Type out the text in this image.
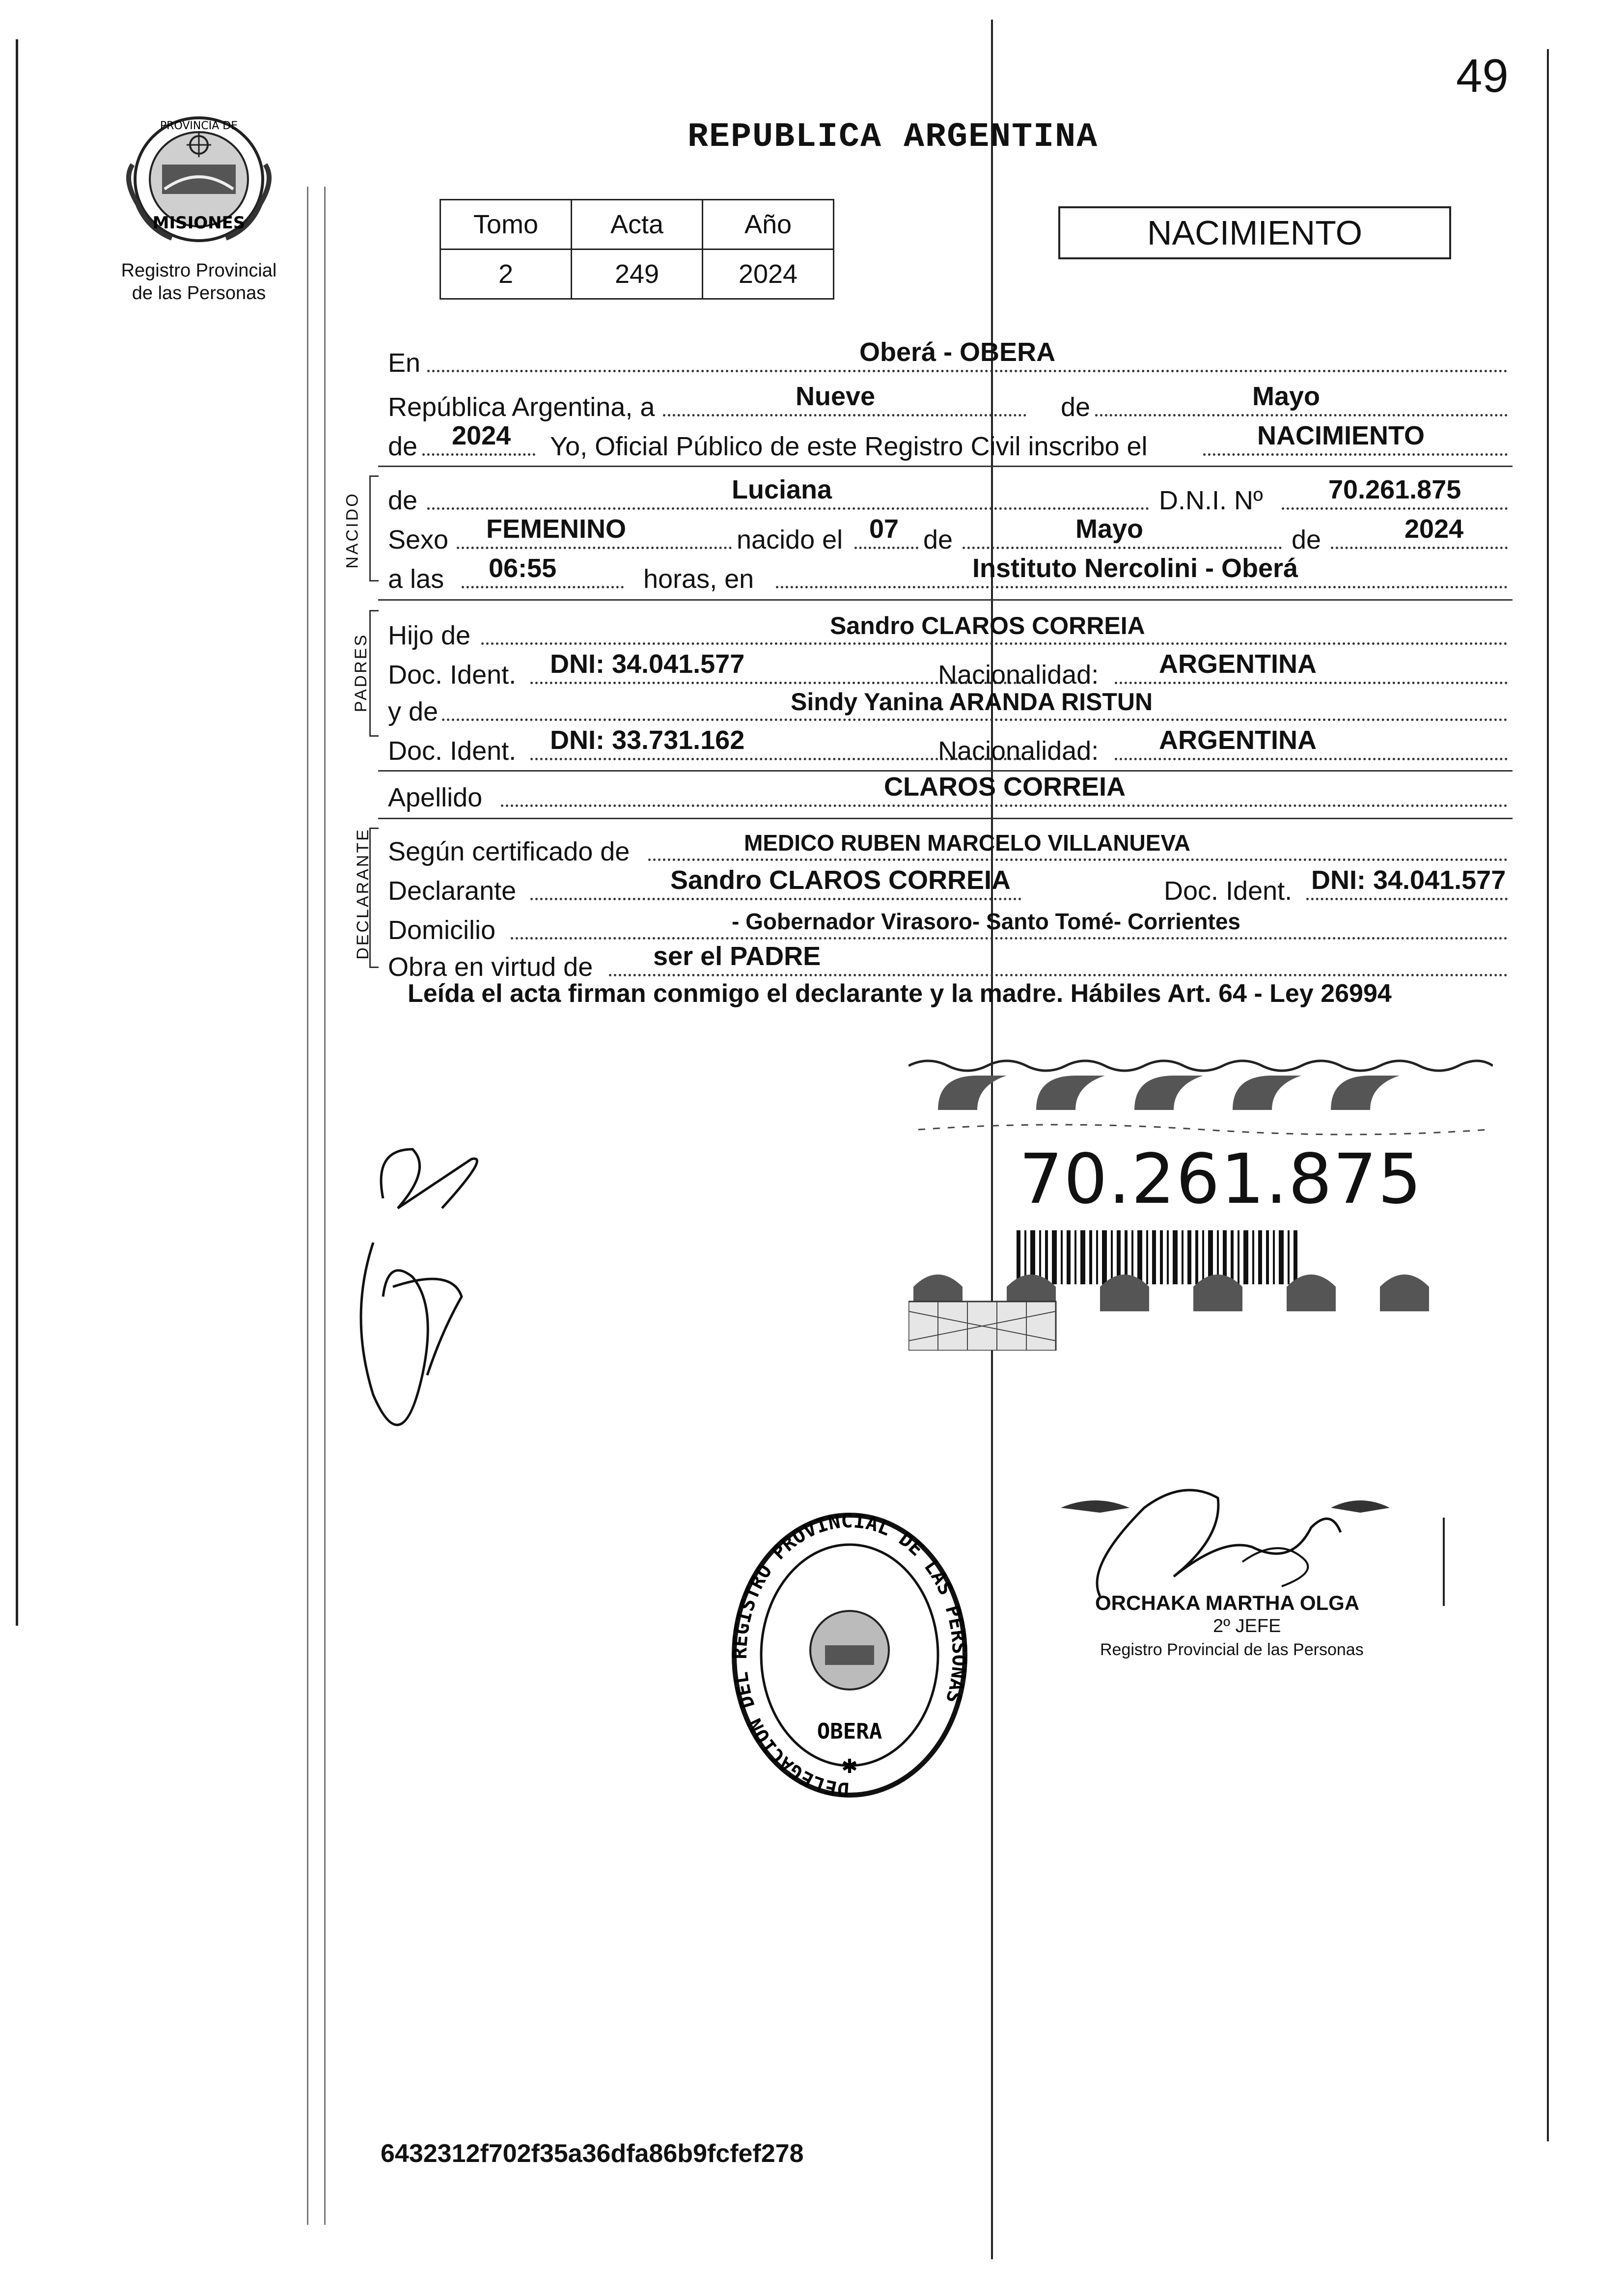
PROVINCIA DE
MISIONES
Registro Provincial
de las Personas
49
REPUBLICA ARGENTINA
Tomo	Acta	Año
2	249	2024
NACIMIENTO
En	Oberá - OBERA
República Argentina, a	Nueve	de	Mayo
de 2024 Yo, Oficial Público de este Registro Civil inscribo el	NACIMIENTO
NACIDO de	Luciana	D.N.I. Nº 70.261.875
Sexo FEMENINO	nacido el 07 de	Mayo	de	2024
a las 06:55	horas, en	Instituto Nercolini - Oberá
PADRES Hijo de	Sandro CLAROS CORREIA
Doc. Ident. DNI: 34.041.577	Nacionalidad: ARGENTINA
y de	Sindy Yanina ARANDA RISTUN
Doc. Ident. DNI: 33.731.162	Nacionalidad: ARGENTINA
Apellido	CLAROS CORREIA
DECLARANTE Según certificado de	MEDICO RUBEN MARCELO VILLANUEVA
Declarante	Sandro CLAROS CORREIA	Doc. Ident. DNI: 34.041.577
Domicilio	- Gobernador Virasoro- Santo Tomé- Corrientes
Obra en virtud de ser el PADRE
Leída el acta firman conmigo el declarante y la madre. Hábiles Art. 64 - Ley 26994
70.261.875
DELEGACION DEL REGISTRO PROVINCIAL DE LAS PERSONAS
OBERA
✱
ORCHAKA MARTHA OLGA
2º JEFE
Registro Provincial de las Personas
6432312f702f35a36dfa86b9fcfef278
